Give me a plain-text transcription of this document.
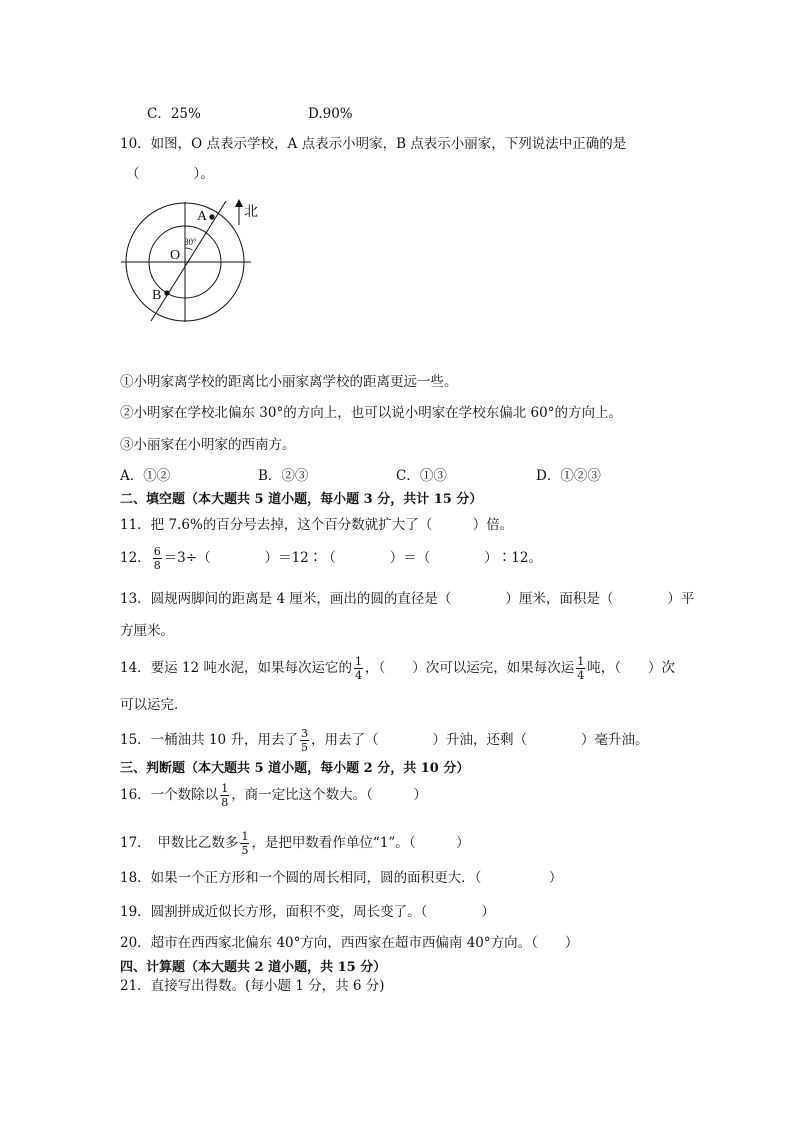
C．25%	D.90%
10．如图，O 点表示学校，A 点表示小明家，B 点表示小丽家，下列说法中正确的是
（　　　　）。
北
A
O
B
30°
①小明家离学校的距离比小丽家离学校的距离更远一些。
②小明家在学校北偏东 30°的方向上，也可以说小明家在学校东偏北 60°的方向上。
③小丽家在小明家的西南方。
A．①②	B．②③	C．①③	D．①②③
二、填空题（本大题共 5 道小题，每小题 3 分，共计 15 分）
11．把 7.6%的百分号去掉，这个百分数就扩大了（　　　）倍。
12． $\frac{6}{8} =3\div$（　　　　）＝12∶（　　　　）＝（　　　　）∶12。
13．圆规两脚间的距离是 4 厘米，画出的圆的直径是（　　　　）厘米，面积是（　　　　）平
方厘米。
14．要运 12 吨水泥，如果每次运它的 $\frac{1}{4}$ ，（　　）次可以运完，如果每次运 $\frac{1}{4}$ 吨，（　　）次
可以运完．
15．一桶油共 10 升，用去了 $\frac{3}{5}$ ，用去了（　　　　）升油，还剩（　　　　）毫升油。
三、判断题（本大题共 5 道小题，每小题 2 分，共 10 分）
16．一个数除以 $\frac{1}{8}$ ，商一定比这个数大。（　　　）
17．　甲数比乙数多 $\frac{1}{5}$ ，是把甲数看作单位“1”。（　　　）
18．如果一个正方形和一个圆的周长相同，圆的面积更大．（　　　　　）
19．圆割拼成近似长方形，面积不变，周长变了。（　　　　）
20．超市在西西家北偏东 40°方向，西西家在超市西偏南 40°方向。（　　）
四、计算题（本大题共 2 道小题，共 15 分）
21．直接写出得数。(每小题 1 分，共 6 分)
